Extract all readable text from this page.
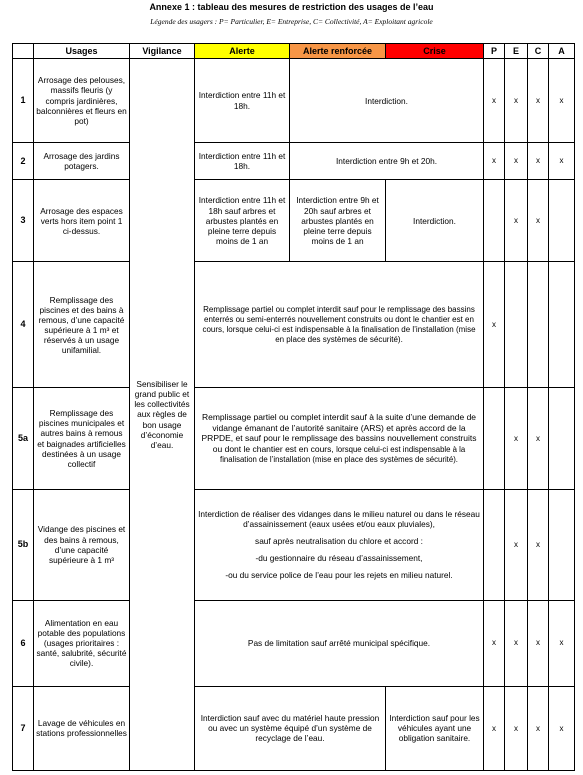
Annexe 1 : tableau des mesures de restriction des usages de l’eau
Légende des usagers : P= Particulier, E= Entreprise, C= Collectivité, A= Exploitant agricole
	Usages	Vigilance	Alerte	Alerte renforcée	Crise	P	E	C	A
1	Arrosage des pelouses, massifs fleuris (y compris jardinières, balconnières et fleurs en pot)	Sensibiliser le grand public et les collectivités aux règles de bon usage d’économie d’eau.	Interdiction entre 11h et 18h.	Interdiction.		x	x	x	x
2	Arrosage des jardins potagers.		Interdiction entre 11h et 18h.	Interdiction entre 9h et 20h.		x	x	x	x
3	Arrosage des espaces verts hors item point 1 ci-dessus.		Interdiction entre 11h et 18h sauf arbres et arbustes plantés en pleine terre depuis moins de 1 an	Interdiction entre 9h et 20h sauf arbres et arbustes plantés en pleine terre depuis moins de 1 an	Interdiction.		x	x	
4	Remplissage des piscines et des bains à remous, d’une capacité supérieure à 1 m³ et réservés à un usage unifamilial.		Remplissage partiel ou complet interdit sauf pour le remplissage des bassins enterrés ou semi-enterrés nouvellement construits ou dont le chantier est en cours, lorsque celui-ci est indispensable à la finalisation de l’installation (mise en place des systèmes de sécurité).			x			
5a	Remplissage des piscines municipales et autres bains à remous et baignades artificielles destinées à un usage collectif		Remplissage partiel ou complet interdit sauf à la suite d’une demande de vidange émanant de l’autorité sanitaire (ARS) et après accord de la PRPDE, et sauf pour le remplissage des bassins nouvellement construits ou dont le chantier est en cours, lorsque celui-ci est indispensable à la finalisation de l’installation (mise en place des systèmes de sécurité).				x	x	
5b	Vidange des piscines et des bains à remous, d’une capacité supérieure à 1 m³		Interdiction de réaliser des vidanges dans le milieu naturel ou dans le réseau d’assainissement (eaux usées et/ou eaux pluviales),
sauf après neutralisation du chlore et accord :
-du gestionnaire du réseau d’assainissement,
-ou du service police de l’eau pour les rejets en milieu naturel.				x	x	
6	Alimentation en eau potable des populations (usages prioritaires : santé, salubrité, sécurité civile).		Pas de limitation sauf arrêté municipal spécifique.			x	x	x	x
7	Lavage de véhicules en stations professionnelles		Interdiction sauf avec du matériel haute pression ou avec un système équipé d’un système de recyclage de l’eau.		Interdiction sauf pour les véhicules ayant une obligation sanitaire.	x	x	x	x
